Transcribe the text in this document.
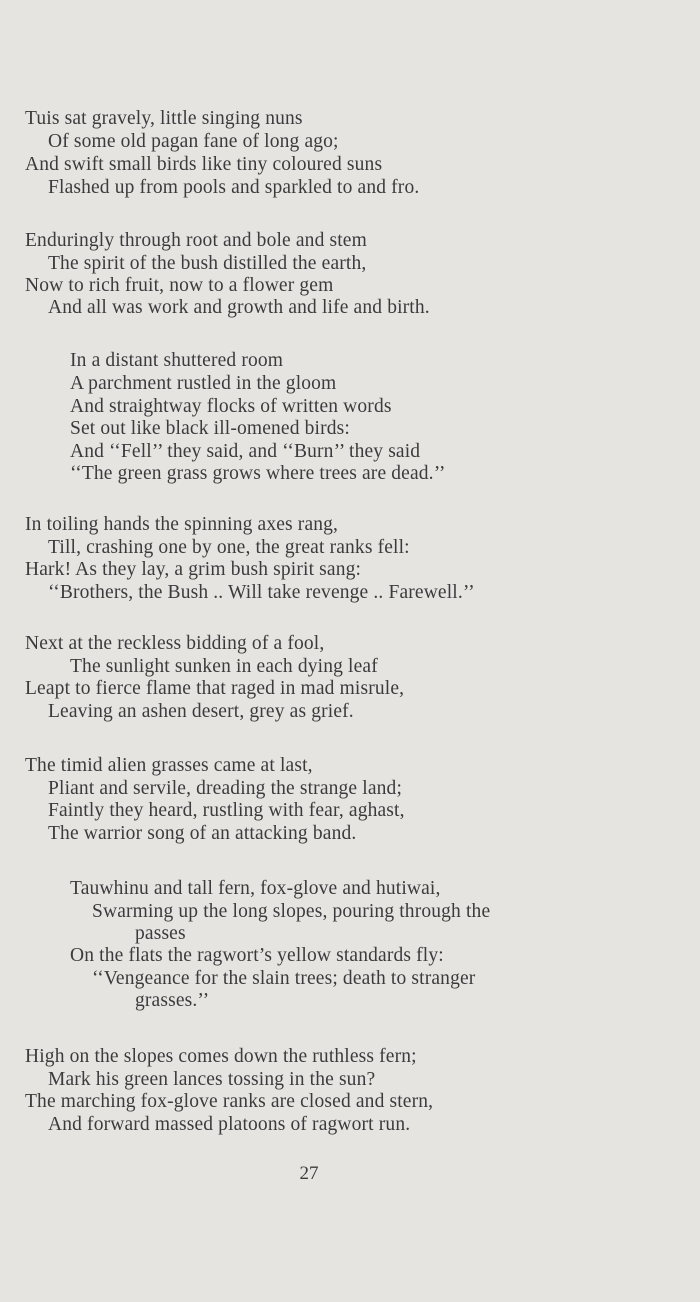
Tuis sat gravely, little singing nuns
Of some old pagan fane of long ago;
And swift small birds like tiny coloured suns
Flashed up from pools and sparkled to and fro.
Enduringly through root and bole and stem
The spirit of the bush distilled the earth,
Now to rich fruit, now to a flower gem
And all was work and growth and life and birth.
In a distant shuttered room
A parchment rustled in the gloom
And straightway flocks of written words
Set out like black ill-omened birds:
And ‘‘Fell’’ they said, and ‘‘Burn’’ they said
‘‘The green grass grows where trees are dead.’’
In toiling hands the spinning axes rang,
Till, crashing one by one, the great ranks fell:
Hark! As they lay, a grim bush spirit sang:
‘‘Brothers, the Bush .. Will take revenge .. Farewell.’’
Next at the reckless bidding of a fool,
The sunlight sunken in each dying leaf
Leapt to fierce flame that raged in mad misrule,
Leaving an ashen desert, grey as grief.
The timid alien grasses came at last,
Pliant and servile, dreading the strange land;
Faintly they heard, rustling with fear, aghast,
The warrior song of an attacking band.
Tauwhinu and tall fern, fox-glove and hutiwai,
Swarming up the long slopes, pouring through the
passes
On the flats the ragwort’s yellow standards fly:
‘‘Vengeance for the slain trees; death to stranger
grasses.’’
High on the slopes comes down the ruthless fern;
Mark his green lances tossing in the sun?
The marching fox-glove ranks are closed and stern,
And forward massed platoons of ragwort run.
27
